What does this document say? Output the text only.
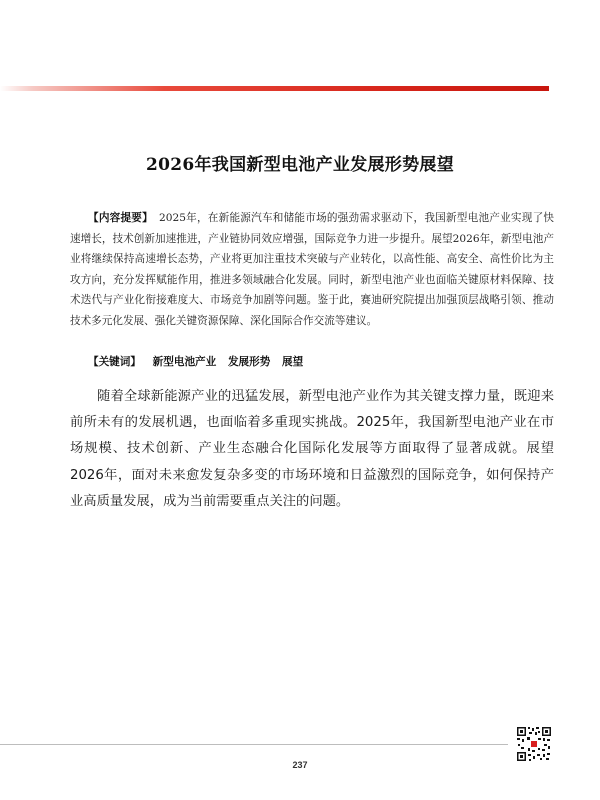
2026年我国新型电池产业发展形势展望
【内容提要】 2025年，在新能源汽车和储能市场的强劲需求驱动下，我国新型电池产业实现了快速增长，技术创新加速推进，产业链协同效应增强，国际竞争力进一步提升。展望2026年，新型电池产业将继续保持高速增长态势，产业将更加注重技术突破与产业转化，以高性能、高安全、高性价比为主攻方向，充分发挥赋能作用，推进多领域融合化发展。同时，新型电池产业也面临关键原材料保障、技术迭代与产业化衔接难度大、市场竞争加剧等问题。鉴于此，赛迪研究院提出加强顶层战略引领、推动技术多元化发展、强化关键资源保障、深化国际合作交流等建议。
【关键词】 新型电池产业 发展形势 展望

随着全球新能源产业的迅猛发展，新型电池产业作为其关键支撑力量，既迎来前所未有的发展机遇，也面临着多重现实挑战。2025年，我国新型电池产业在市场规模、技术创新、产业生态融合化国际化发展等方面取得了显著成就。展望2026年，面对未来愈发复杂多变的市场环境和日益激烈的国际竞争，如何保持产业高质量发展，成为当前需要重点关注的问题。

237
